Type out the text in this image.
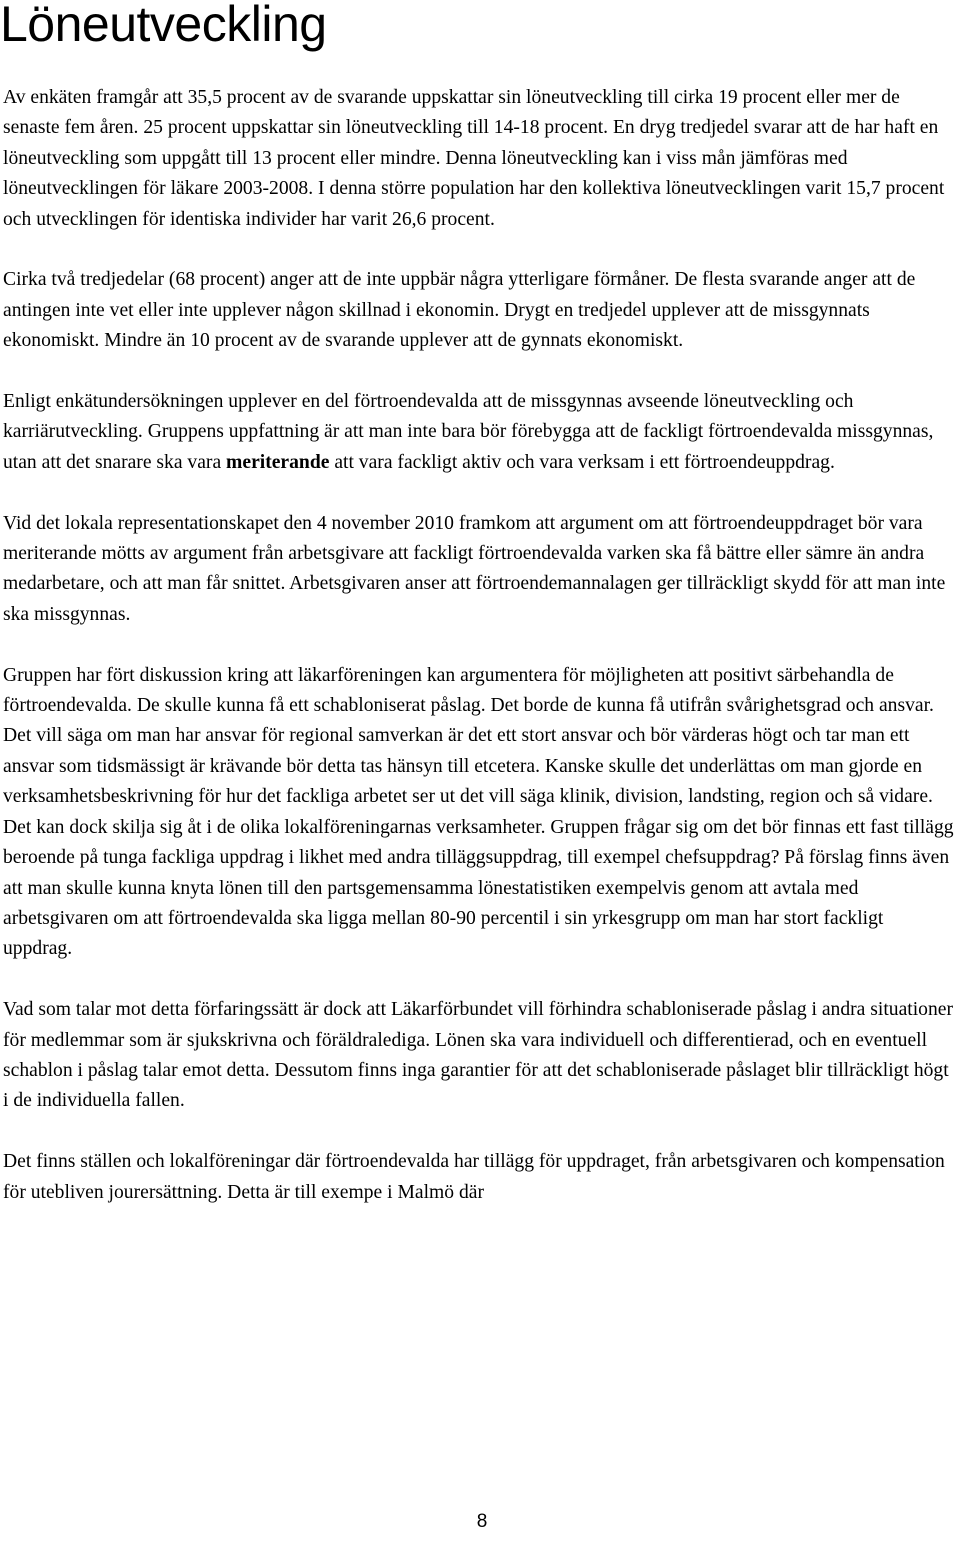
Löneutveckling

Av enkäten framgår att 35,5 procent av de svarande uppskattar sin löneutveckling till cirka 19 procent eller mer de senaste fem åren. 25 procent uppskattar sin löneutveckling till 14-18 procent. En dryg tredjedel svarar att de har haft en löneutveckling som uppgått till 13 procent eller mindre. Denna löneutveckling kan i viss mån jämföras med löneutvecklingen för läkare 2003-2008. I denna större population har den kollektiva löneutvecklingen varit 15,7 procent och utvecklingen för identiska individer har varit 26,6 procent.

Cirka två tredjedelar (68 procent) anger att de inte uppbär några ytterligare förmåner. De flesta svarande anger att de antingen inte vet eller inte upplever någon skillnad i ekonomin. Drygt en tredjedel upplever att de missgynnats ekonomiskt. Mindre än 10 procent av de svarande upplever att de gynnats ekonomiskt.

Enligt enkätundersökningen upplever en del förtroendevalda att de missgynnas avseende löneutveckling och karriärutveckling. Gruppens uppfattning är att man inte bara bör förebygga att de fackligt förtroendevalda missgynnas, utan att det snarare ska vara meriterande att vara fackligt aktiv och vara verksam i ett förtroendeuppdrag.

Vid det lokala representationskapet den 4 november 2010 framkom att argument om att förtroendeuppdraget bör vara meriterande mötts av argument från arbetsgivare att fackligt förtroendevalda varken ska få bättre eller sämre än andra medarbetare, och att man får snittet. Arbetsgivaren anser att förtroendemannalagen ger tillräckligt skydd för att man inte ska missgynnas.

Gruppen har fört diskussion kring att läkarföreningen kan argumentera för möjligheten att positivt särbehandla de förtroendevalda. De skulle kunna få ett schabloniserat påslag. Det borde de kunna få utifrån svårighetsgrad och ansvar. Det vill säga om man har ansvar för regional samverkan är det ett stort ansvar och bör värderas högt och tar man ett ansvar som tidsmässigt är krävande bör detta tas hänsyn till etcetera. Kanske skulle det underlättas om man gjorde en verksamhetsbeskrivning för hur det fackliga arbetet ser ut det vill säga klinik, division, landsting, region och så vidare. Det kan dock skilja sig åt i de olika lokalföreningarnas verksamheter. Gruppen frågar sig om det bör finnas ett fast tillägg beroende på tunga fackliga uppdrag i likhet med andra tilläggsuppdrag, till exempel chefsuppdrag? På förslag finns även att man skulle kunna knyta lönen till den partsgemensamma lönestatistiken exempelvis genom att avtala med arbetsgivaren om att förtroendevalda ska ligga mellan 80-90 percentil i sin yrkesgrupp om man har stort fackligt uppdrag.

Vad som talar mot detta förfaringssätt är dock att Läkarförbundet vill förhindra schabloniserade påslag i andra situationer för medlemmar som är sjukskrivna och föräldralediga. Lönen ska vara individuell och differentierad, och en eventuell schablon i påslag talar emot detta. Dessutom finns inga garantier för att det schabloniserade påslaget blir tillräckligt högt i de individuella fallen.

Det finns ställen och lokalföreningar där förtroendevalda har tillägg för uppdraget, från arbetsgivaren och kompensation för utebliven jourersättning. Detta är till exempe i Malmö där

8
